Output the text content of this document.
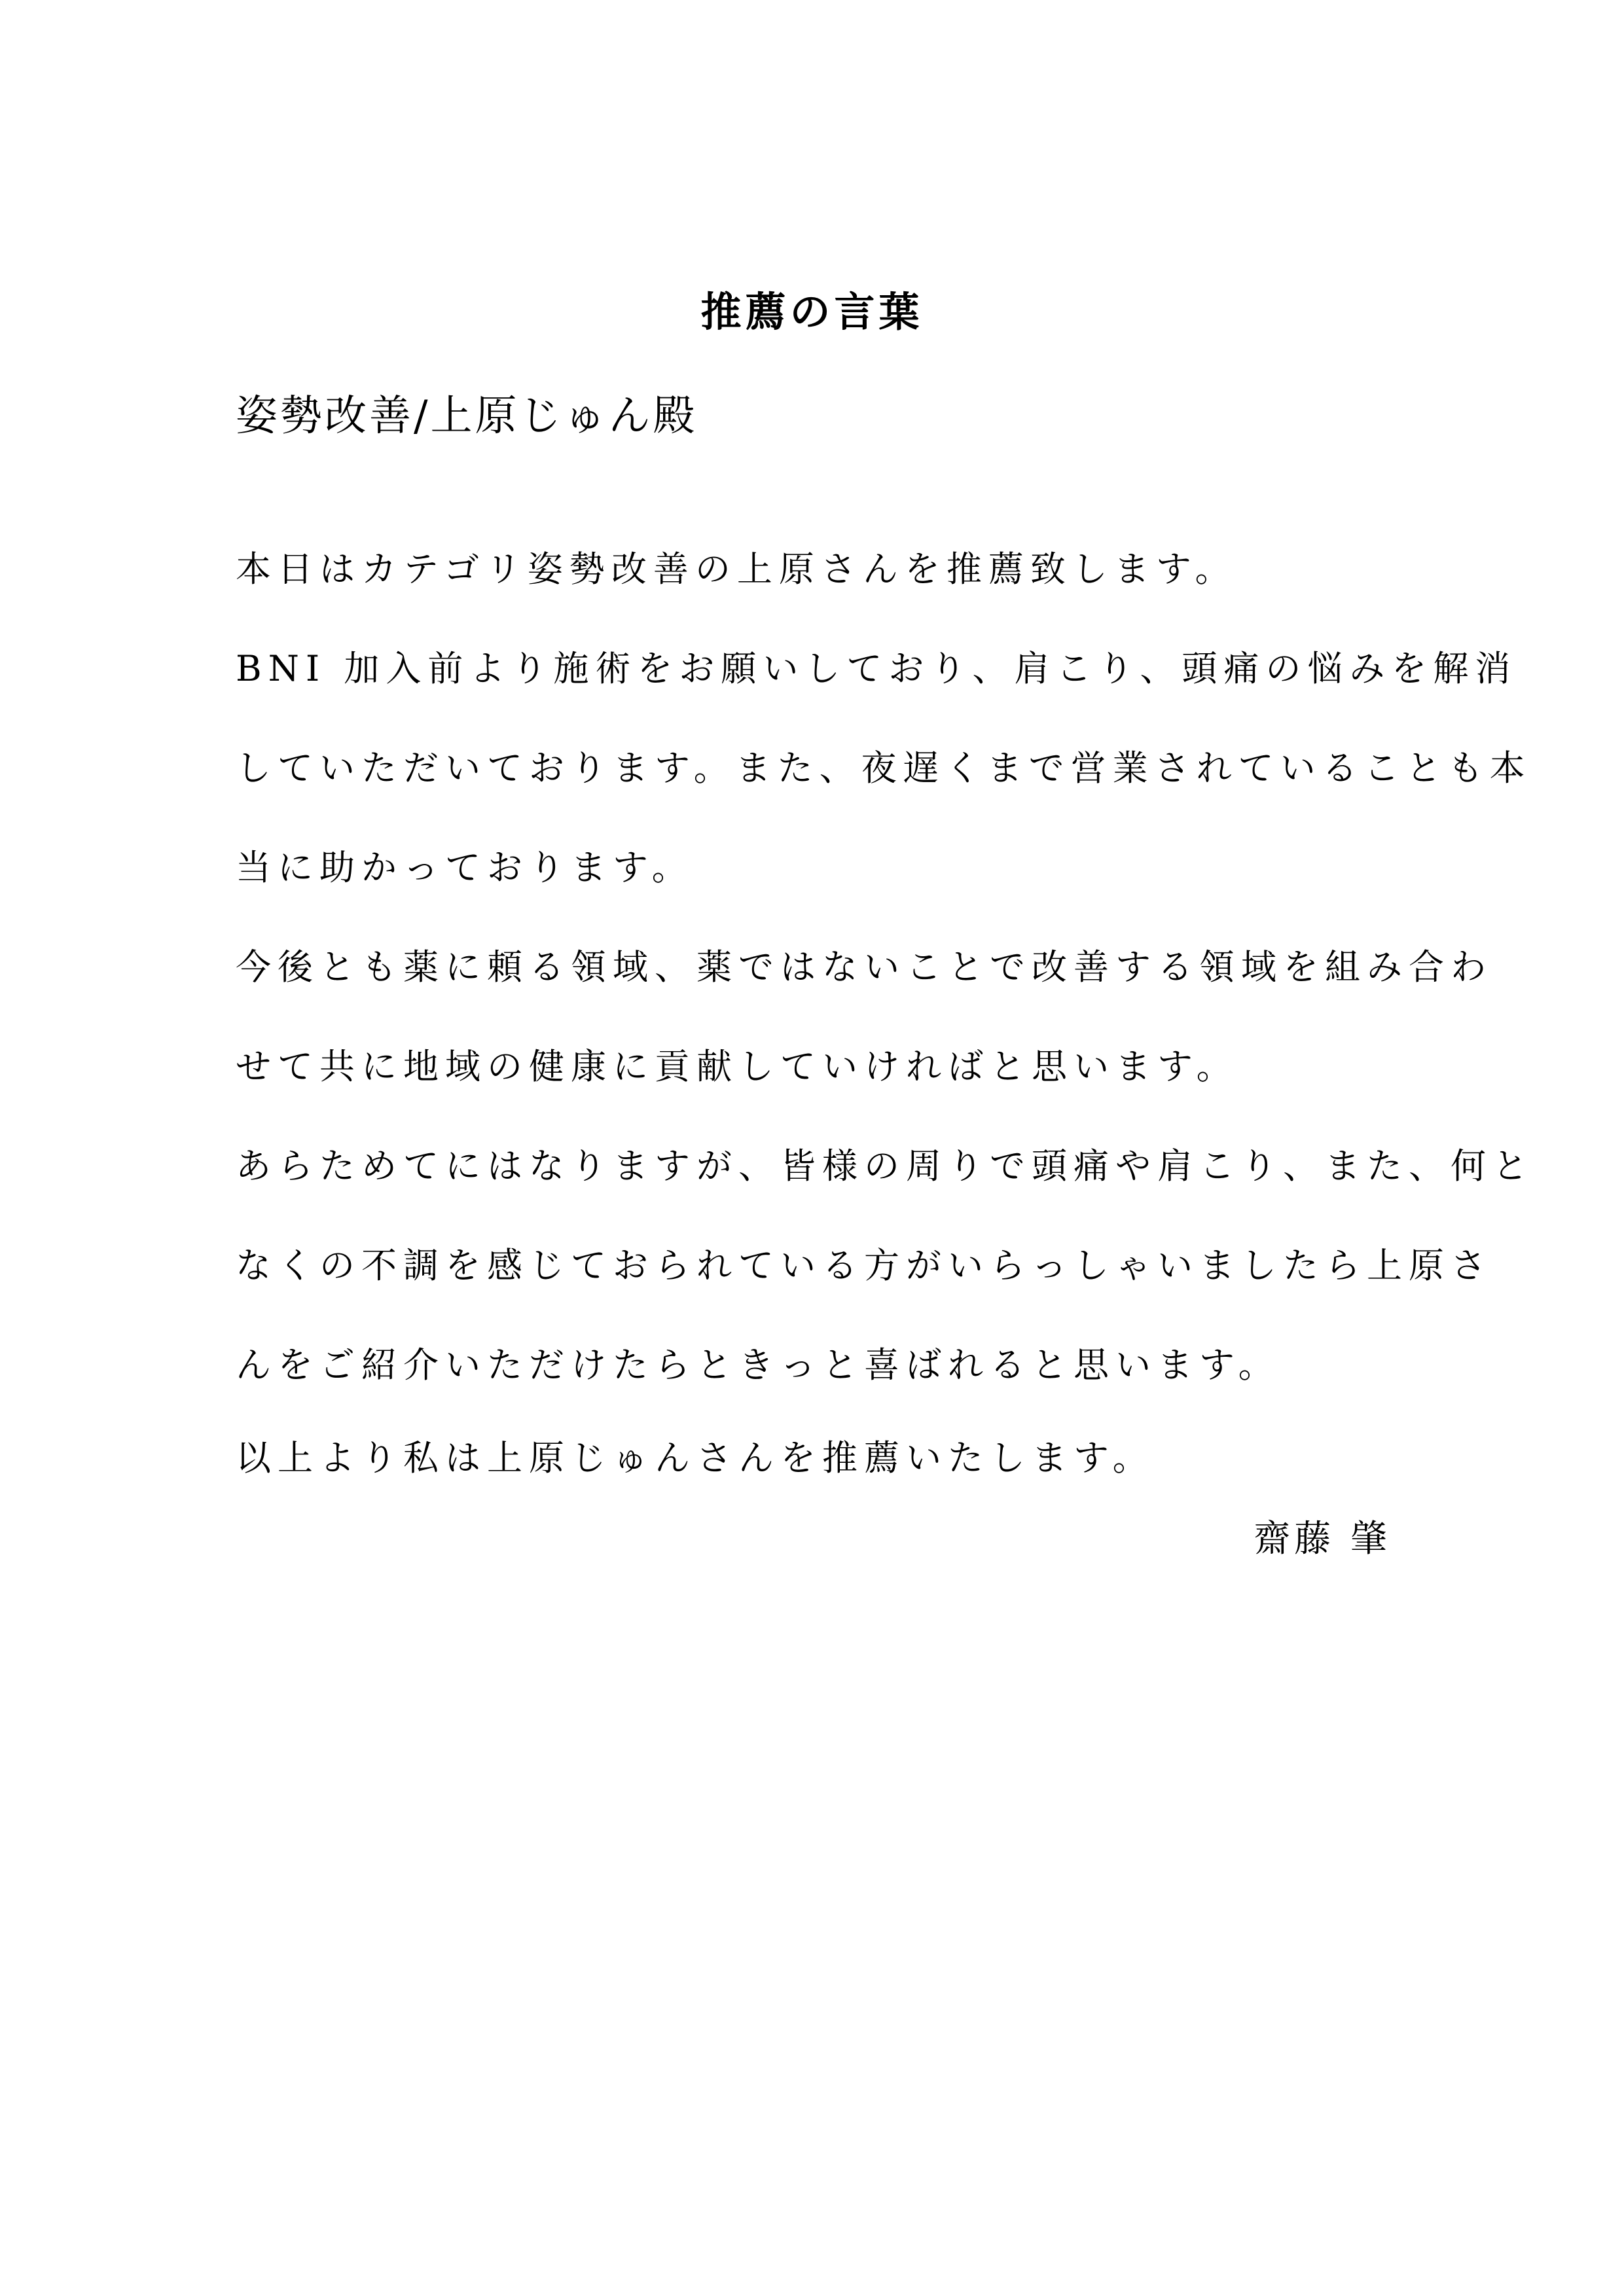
推薦の言葉
姿勢改善/上原じゅん殿
本日はカテゴリ姿勢改善の上原さんを推薦致します。
BNI 加入前より施術をお願いしており、肩こり、頭痛の悩みを解消
していただいております。また、夜遅くまで営業されていることも本
当に助かっております。
今後とも薬に頼る領域、薬ではないことで改善する領域を組み合わ
せて共に地域の健康に貢献していければと思います。
あらためてにはなりますが、皆様の周りで頭痛や肩こり、また、何と
なくの不調を感じておられている方がいらっしゃいましたら上原さ
んをご紹介いただけたらときっと喜ばれると思います。
以上より私は上原じゅんさんを推薦いたします。
齋藤 肇
